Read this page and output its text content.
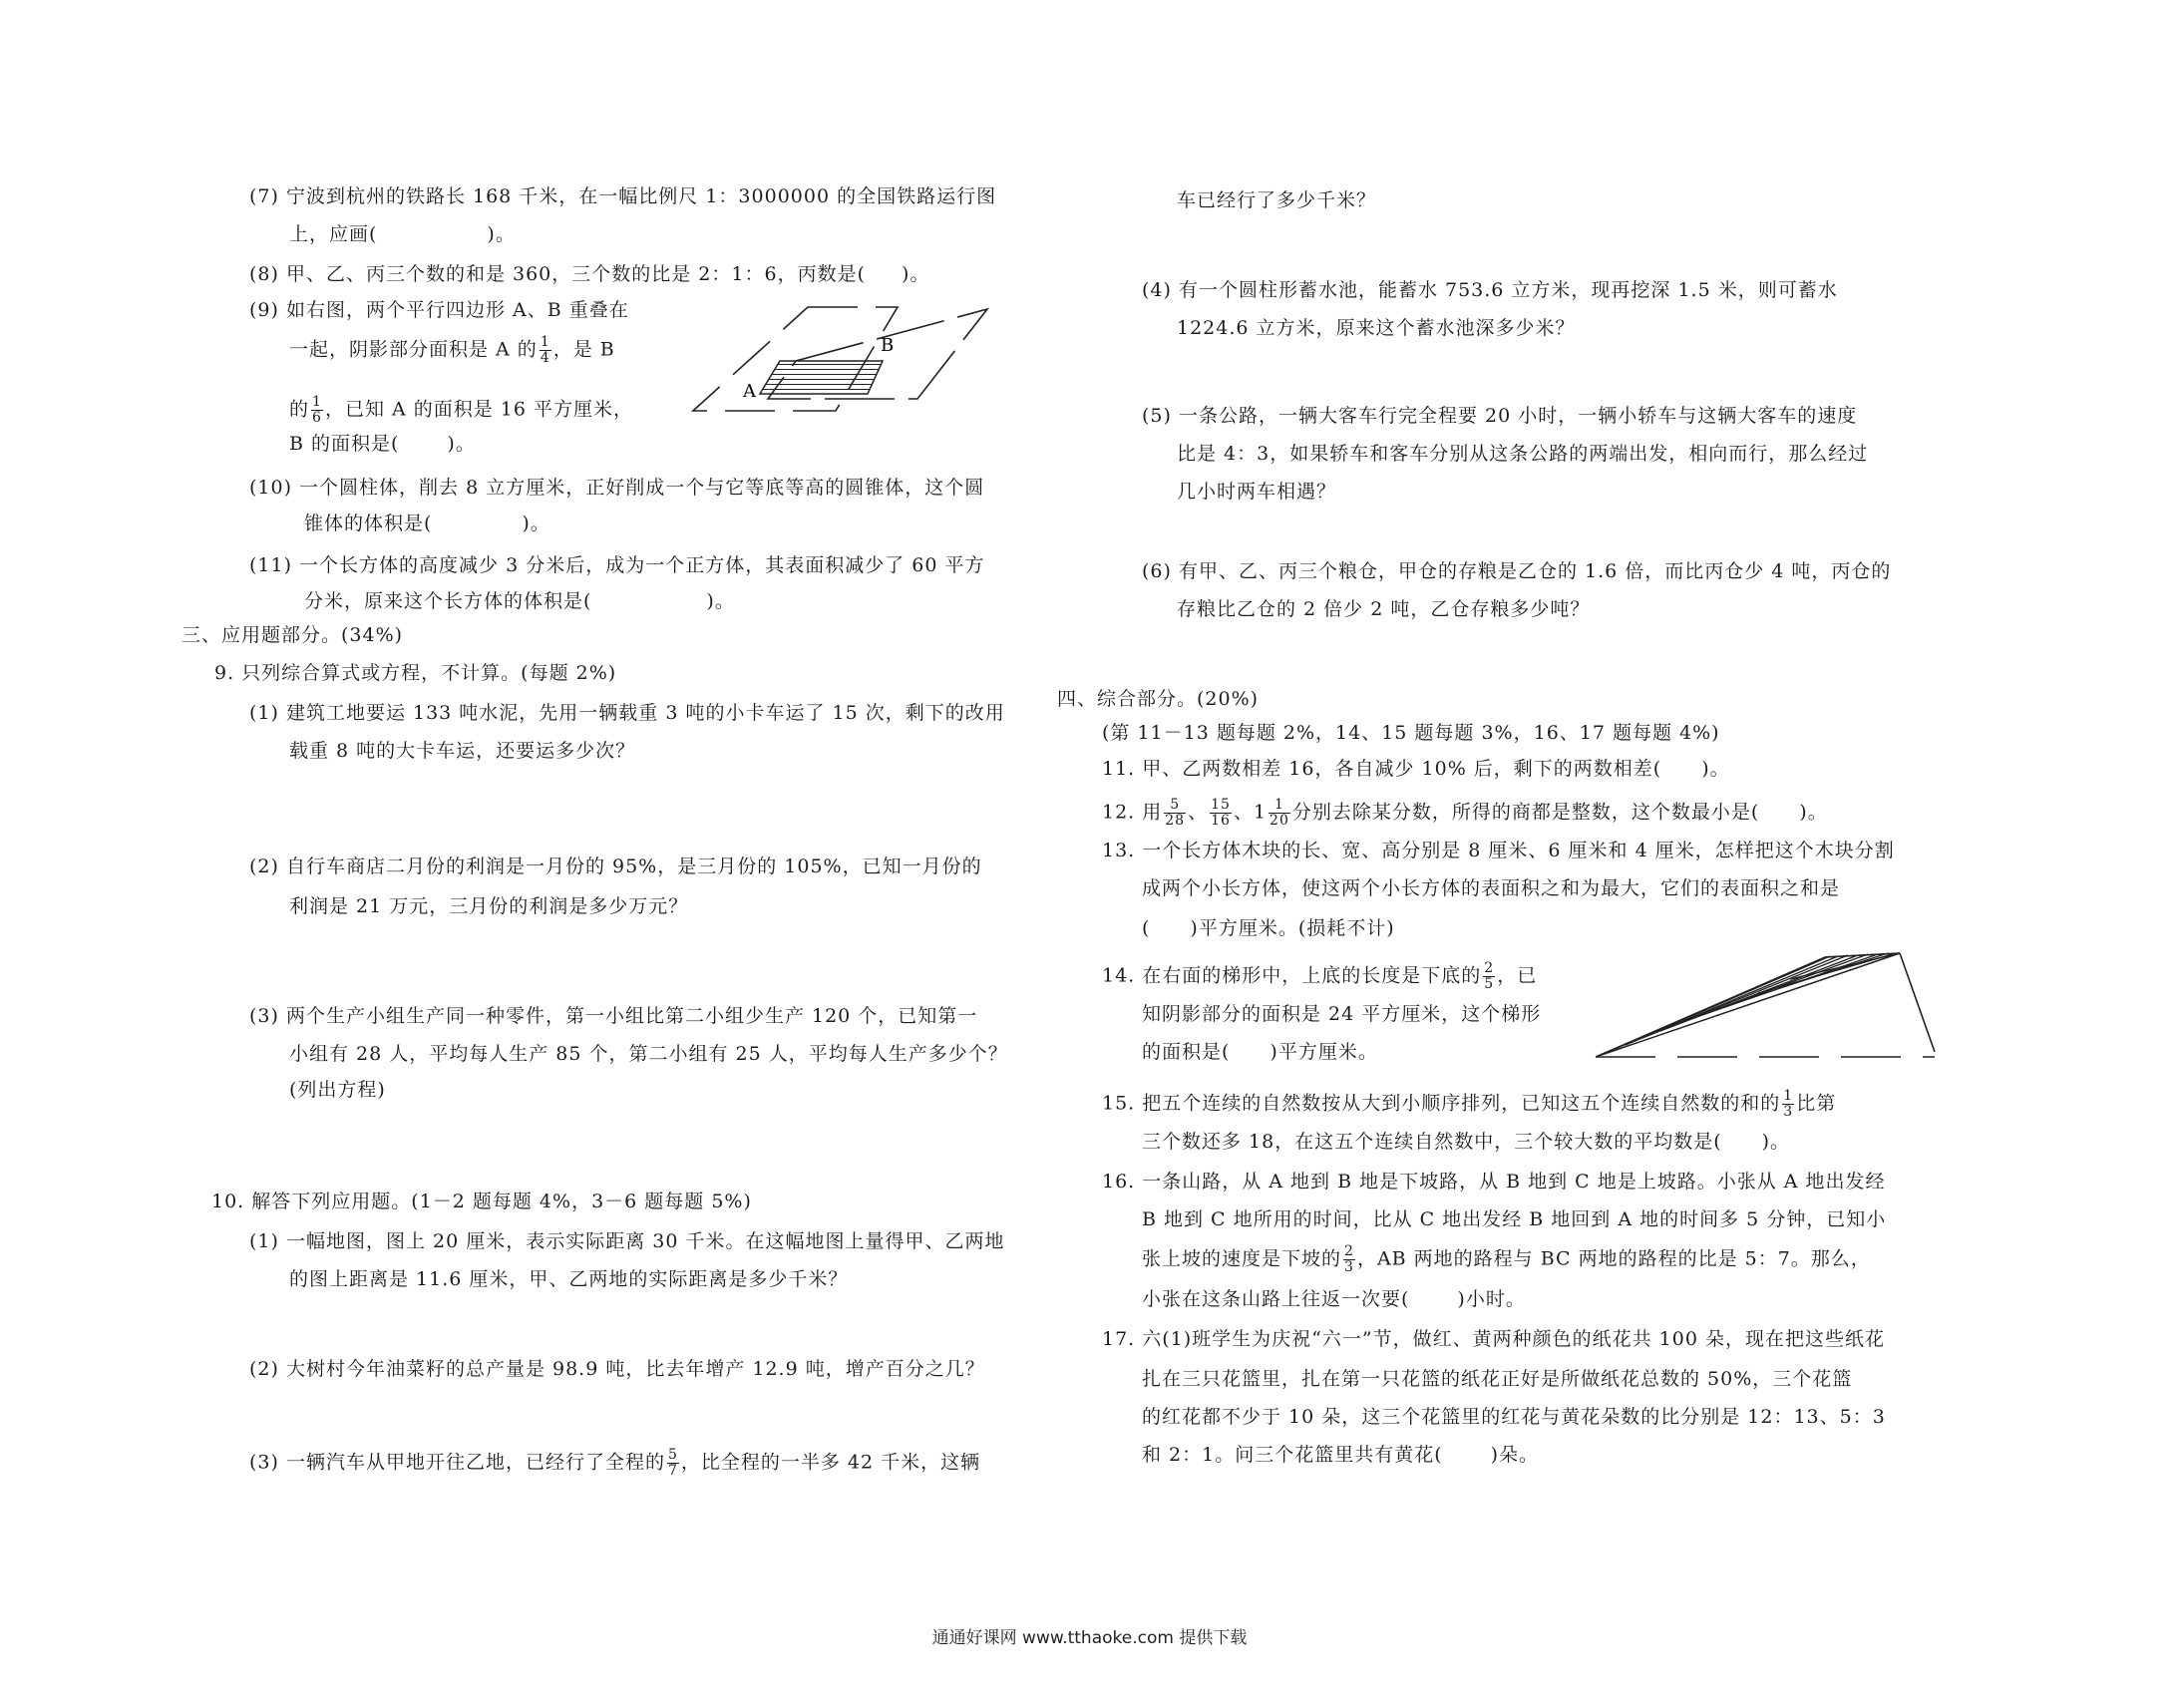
(7) 宁波到杭州的铁路长 168 千米，在一幅比例尺 1：3000000 的全国铁路运行图
上，应画(	)。
(8) 甲、乙、丙三个数的和是 360，三个数的比是 2：1：6，丙数是( )。
(9) 如右图，两个平行四边形 A、B 重叠在
一起，阴影部分面积是 A 的 $\frac{1}{4}$ ，是 B
的 $\frac{1}{6}$ ，已知 A 的面积是 16 平方厘米，
B 的面积是(	)。
A
B
(10) 一个圆柱体，削去 8 立方厘米，正好削成一个与它等底等高的圆锥体，这个圆
锥体的体积是(	)。
(11) 一个长方体的高度减少 3 分米后，成为一个正方体，其表面积减少了 60 平方
分米，原来这个长方体的体积是(	)。
三、应用题部分。(34%)
9. 只列综合算式或方程，不计算。(每题 2%)
(1) 建筑工地要运 133 吨水泥，先用一辆载重 3 吨的小卡车运了 15 次，剩下的改用
载重 8 吨的大卡车运，还要运多少次？
(2) 自行车商店二月份的利润是一月份的 95%，是三月份的 105%，已知一月份的
利润是 21 万元，三月份的利润是多少万元？
(3) 两个生产小组生产同一种零件，第一小组比第二小组少生产 120 个，已知第一
小组有 28 人，平均每人生产 85 个，第二小组有 25 人，平均每人生产多少个？
(列出方程)
10. 解答下列应用题。(1－2 题每题 4%，3－6 题每题 5%)
(1) 一幅地图，图上 20 厘米，表示实际距离 30 千米。在这幅地图上量得甲、乙两地
的图上距离是 11.6 厘米，甲、乙两地的实际距离是多少千米？
(2) 大树村今年油菜籽的总产量是 98.9 吨，比去年增产 12.9 吨，增产百分之几？
(3) 一辆汽车从甲地开往乙地，已经行了全程的 $\frac{5}{7}$ ，比全程的一半多 42 千米，这辆
车已经行了多少千米？
(4) 有一个圆柱形蓄水池，能蓄水 753.6 立方米，现再挖深 1.5 米，则可蓄水
1224.6 立方米，原来这个蓄水池深多少米？
(5) 一条公路，一辆大客车行完全程要 20 小时，一辆小轿车与这辆大客车的速度
比是 4：3，如果轿车和客车分别从这条公路的两端出发，相向而行，那么经过
几小时两车相遇？
(6) 有甲、乙、丙三个粮仓，甲仓的存粮是乙仓的 1.6 倍，而比丙仓少 4 吨，丙仓的
存粮比乙仓的 2 倍少 2 吨，乙仓存粮多少吨？
四、综合部分。(20%)
(第 11－13 题每题 2%，14、15 题每题 3%，16、17 题每题 4%)
11. 甲、乙两数相差 16，各自减少 10% 后，剩下的两数相差( )。
12. 用 $\frac{5}{28}$ 、 $\frac{15}{16}$ 、$1 \frac{1}{20}$ 分别去除某分数，所得的商都是整数，这个数最小是( )。
13. 一个长方体木块的长、宽、高分别是 8 厘米、6 厘米和 4 厘米，怎样把这个木块分割
成两个小长方体，使这两个小长方体的表面积之和为最大，它们的表面积之和是
( )平方厘米。(损耗不计)
14. 在右面的梯形中，上底的长度是下底的 $\frac{2}{5}$ ，已
知阴影部分的面积是 24 平方厘米，这个梯形
的面积是( )平方厘米。
15. 把五个连续的自然数按从大到小顺序排列，已知这五个连续自然数的和的 $\frac{1}{3}$ 比第
三个数还多 18，在这五个连续自然数中，三个较大数的平均数是( )。
16. 一条山路，从 A 地到 B 地是下坡路，从 B 地到 C 地是上坡路。小张从 A 地出发经
B 地到 C 地所用的时间，比从 C 地出发经 B 地回到 A 地的时间多 5 分钟，已知小
张上坡的速度是下坡的 $\frac{2}{3}$ ，AB 两地的路程与 BC 两地的路程的比是 5：7。那么，
小张在这条山路上往返一次要(	)小时。
17. 六(1)班学生为庆祝“六一”节，做红、黄两种颜色的纸花共 100 朵，现在把这些纸花
扎在三只花篮里，扎在第一只花篮的纸花正好是所做纸花总数的 50%，三个花篮
的红花都不少于 10 朵，这三个花篮里的红花与黄花朵数的比分别是 12：13、5：3
和 2：1。问三个花篮里共有黄花(	)朵。
通通好课网 www.tthaoke.com 提供下载
